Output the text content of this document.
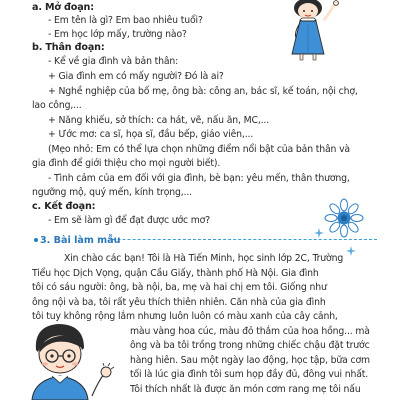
a. Mở đoạn:
- Em tên là gì? Em bao nhiêu tuổi?
- Em học lớp mấy, trường nào?
b. Thân đoạn:
- Kể về gia đình và bản thân:
+ Gia đình em có mấy người? Đó là ai?
+ Nghề nghiệp của bố mẹ, ông bà: công an, bác sĩ, kế toán, nội chợ,
lao công,...
+ Năng khiếu, sở thích: ca hát, vẽ, nấu ăn, MC,...
+ Ước mơ: ca sĩ, họa sĩ, đầu bếp, giáo viên,...
(Mẹo nhỏ: Em có thể lựa chọn những điểm nổi bật của bản thân và
gia đình để giới thiệu cho mọi người biết).
- Tình cảm của em đối với gia đình, bè bạn: yêu mến, thân thương,
ngưỡng mộ, quý mến, kính trọng,...
c. Kết đoạn:
- Em sẽ làm gì để đạt được ước mơ?
3. Bài làm mẫu
Xin chào các bạn! Tôi là Hà Tiến Minh, học sinh lớp 2C, Trường
Tiểu học Dịch Vọng, quận Cầu Giấy, thành phố Hà Nội. Gia đình
tôi có sáu người: ông, bà nội, ba, mẹ và hai chị em tôi. Giống như
ông nội và ba, tôi rất yêu thích thiên nhiên. Căn nhà của gia đình
tôi tuy không rộng lắm nhưng luôn luôn có màu xanh của cây cảnh,
màu vàng hoa cúc, màu đỏ thắm của hoa hồng... mà
ông và ba tôi trồng trong những chiếc chậu đặt trước
hàng hiên. Sau một ngày lao động, học tập, bữa cơm
tối là lúc gia đình tôi sum họp đầy đủ, đông vui nhất.
Tôi thích nhất là được ăn món cơm rang mẹ tôi nấu
